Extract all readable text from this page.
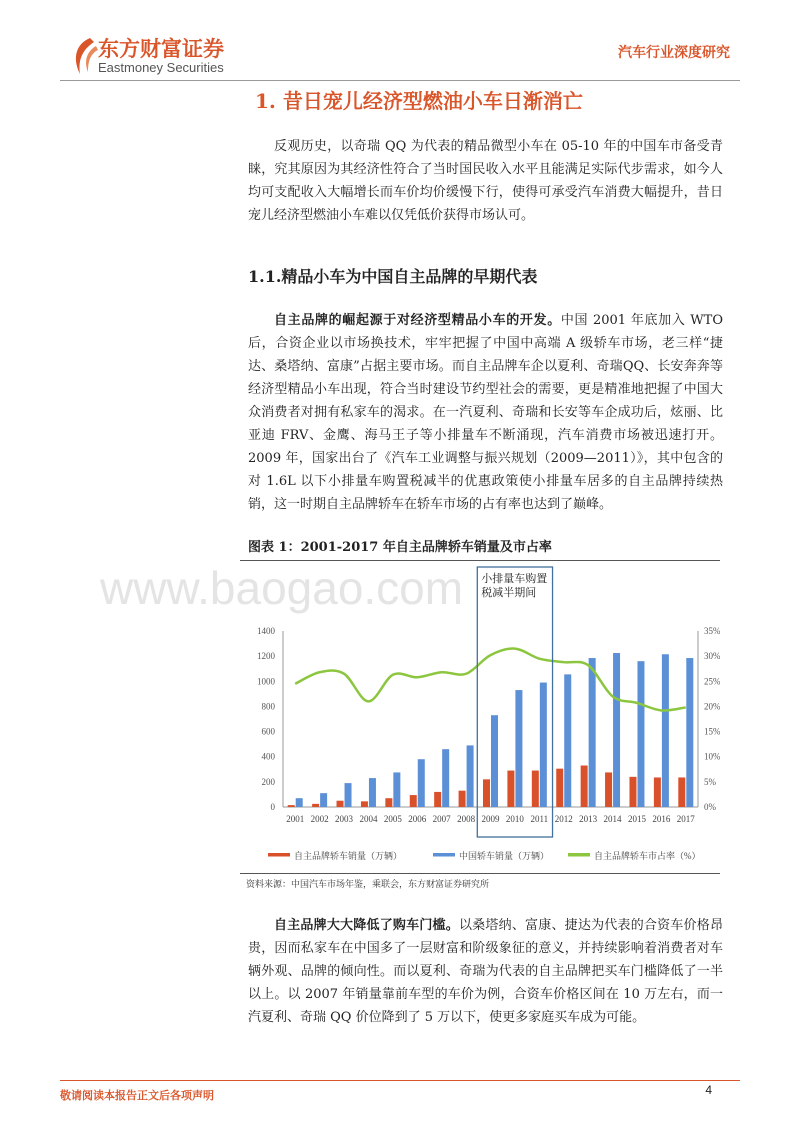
东方财富证券
Eastmoney Securities
汽车行业深度研究
1. 昔日宠儿经济型燃油小车日渐消亡
反观历史，以奇瑞 QQ 为代表的精品微型小车在 05-10 年的中国车市备受青睐，究其原因为其经济性符合了当时国民收入水平且能满足实际代步需求，如今人均可支配收入大幅增长而车价均价缓慢下行，使得可承受汽车消费大幅提升，昔日宠儿经济型燃油小车难以仅凭低价获得市场认可。
1.1.精品小车为中国自主品牌的早期代表
自主品牌的崛起源于对经济型精品小车的开发。中国 2001 年底加入 WTO 后，合资企业以市场换技术，牢牢把握了中国中高端 A 级轿车市场，老三样“捷达、桑塔纳、富康”占据主要市场。而自主品牌车企以夏利、奇瑞QQ、长安奔奔等经济型精品小车出现，符合当时建设节约型社会的需要，更是精准地把握了中国大众消费者对拥有私家车的渴求。在一汽夏利、奇瑞和长安等车企成功后，炫丽、比亚迪 FRV、金鹰、海马王子等小排量车不断涌现，汽车消费市场被迅速打开。2009 年，国家出台了《汽车工业调整与振兴规划（2009—2011）》，其中包含的对 1.6L 以下小排量车购置税减半的优惠政策使小排量车居多的自主品牌持续热销，这一时期自主品牌轿车在轿车市场的占有率也达到了巅峰。
图表 1：2001-2017 年自主品牌轿车销量及市占率
www.baogao.com
0
200
400
600
800
1000
1200
1400
0%
5%
10%
15%
20%
25%
30%
35%
2001 2002 2003 2004 2005 2006 2007 2008 2009 2010 2011 2012 2013 2014 2015 2016 2017
小排量车购置
税减半期间
自主品牌轿车销量（万辆）	中国轿车销量（万辆）	自主品牌轿车市占率（%）
资料来源：中国汽车市场年鉴，乘联会，东方财富证券研究所
自主品牌大大降低了购车门槛。以桑塔纳、富康、捷达为代表的合资车价格昂贵，因而私家车在中国多了一层财富和阶级象征的意义，并持续影响着消费者对车辆外观、品牌的倾向性。而以夏利、奇瑞为代表的自主品牌把买车门槛降低了一半以上。以 2007 年销量靠前车型的车价为例，合资车价格区间在 10 万左右，而一汽夏利、奇瑞 QQ 价位降到了 5 万以下，使更多家庭买车成为可能。
敬请阅读本报告正文后各项声明	4
